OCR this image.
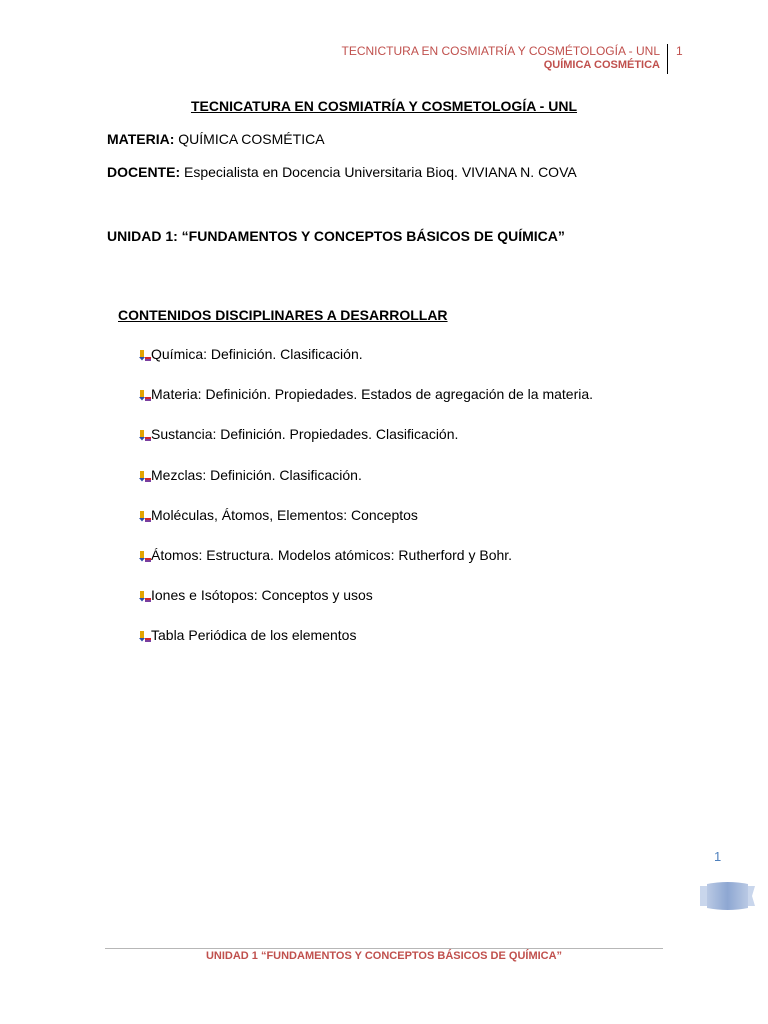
TECNICTURA EN COSMIATRÍA Y COSMÉTOLOGÍA - UNL
QUÍMICA COSMÉTICA
1
TECNICATURA EN COSMIATRÍA Y COSMETOLOGÍA - UNL
MATERIA: QUÍMICA COSMÉTICA
DOCENTE: Especialista en Docencia Universitaria Bioq. VIVIANA N. COVA
UNIDAD 1: “FUNDAMENTOS Y CONCEPTOS BÁSICOS DE QUÍMICA”
CONTENIDOS DISCIPLINARES A DESARROLLAR
Química: Definición. Clasificación.
Materia: Definición. Propiedades. Estados de agregación de la materia.
Sustancia: Definición. Propiedades. Clasificación.
Mezclas: Definición. Clasificación.
Moléculas, Átomos, Elementos: Conceptos
Átomos: Estructura. Modelos atómicos: Rutherford y Bohr.
Iones e Isótopos: Conceptos y usos
Tabla Periódica de los elementos
1
UNIDAD 1 “FUNDAMENTOS Y CONCEPTOS BÁSICOS DE QUÍMICA”
